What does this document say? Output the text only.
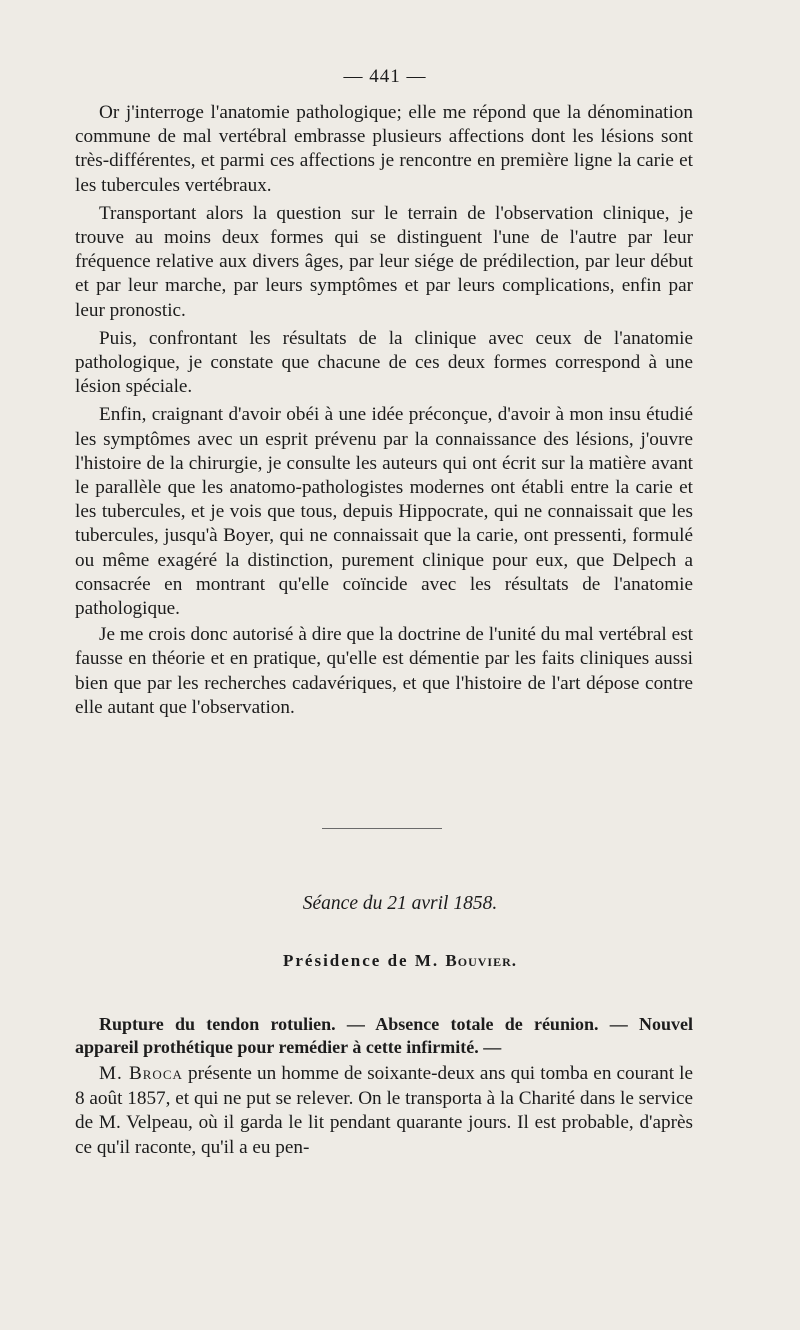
— 441 —

Or j'interroge l'anatomie pathologique; elle me répond que la dénomination commune de mal vertébral embrasse plusieurs affections dont les lésions sont très-différentes, et parmi ces affections je rencontre en première ligne la carie et les tubercules vertébraux.

Transportant alors la question sur le terrain de l'observation clinique, je trouve au moins deux formes qui se distinguent l'une de l'autre par leur fréquence relative aux divers âges, par leur siége de prédilection, par leur début et par leur marche, par leurs symptômes et par leurs complications, enfin par leur pronostic.

Puis, confrontant les résultats de la clinique avec ceux de l'anatomie pathologique, je constate que chacune de ces deux formes correspond à une lésion spéciale.

Enfin, craignant d'avoir obéi à une idée préconçue, d'avoir à mon insu étudié les symptômes avec un esprit prévenu par la connaissance des lésions, j'ouvre l'histoire de la chirurgie, je consulte les auteurs qui ont écrit sur la matière avant le parallèle que les anatomo-pathologistes modernes ont établi entre la carie et les tubercules, et je vois que tous, depuis Hippocrate, qui ne connaissait que les tubercules, jusqu'à Boyer, qui ne connaissait que la carie, ont pressenti, formulé ou même exagéré la distinction, purement clinique pour eux, que Delpech a consacrée en montrant qu'elle coïncide avec les résultats de l'anatomie pathologique.

Je me crois donc autorisé à dire que la doctrine de l'unité du mal vertébral est fausse en théorie et en pratique, qu'elle est démentie par les faits cliniques aussi bien que par les recherches cadavériques, et que l'histoire de l'art dépose contre elle autant que l'observation.

Séance du 21 avril 1858.
Présidence de M. Bouvier.

Rupture du tendon rotulien. — Absence totale de réunion. — Nouvel appareil prothétique pour remédier à cette infirmité. —

M. Broca présente un homme de soixante-deux ans qui tomba en courant le 8 août 1857, et qui ne put se relever. On le transporta à la Charité dans le service de M. Velpeau, où il garda le lit pendant quarante jours. Il est probable, d'après ce qu'il raconte, qu'il a eu pen-
